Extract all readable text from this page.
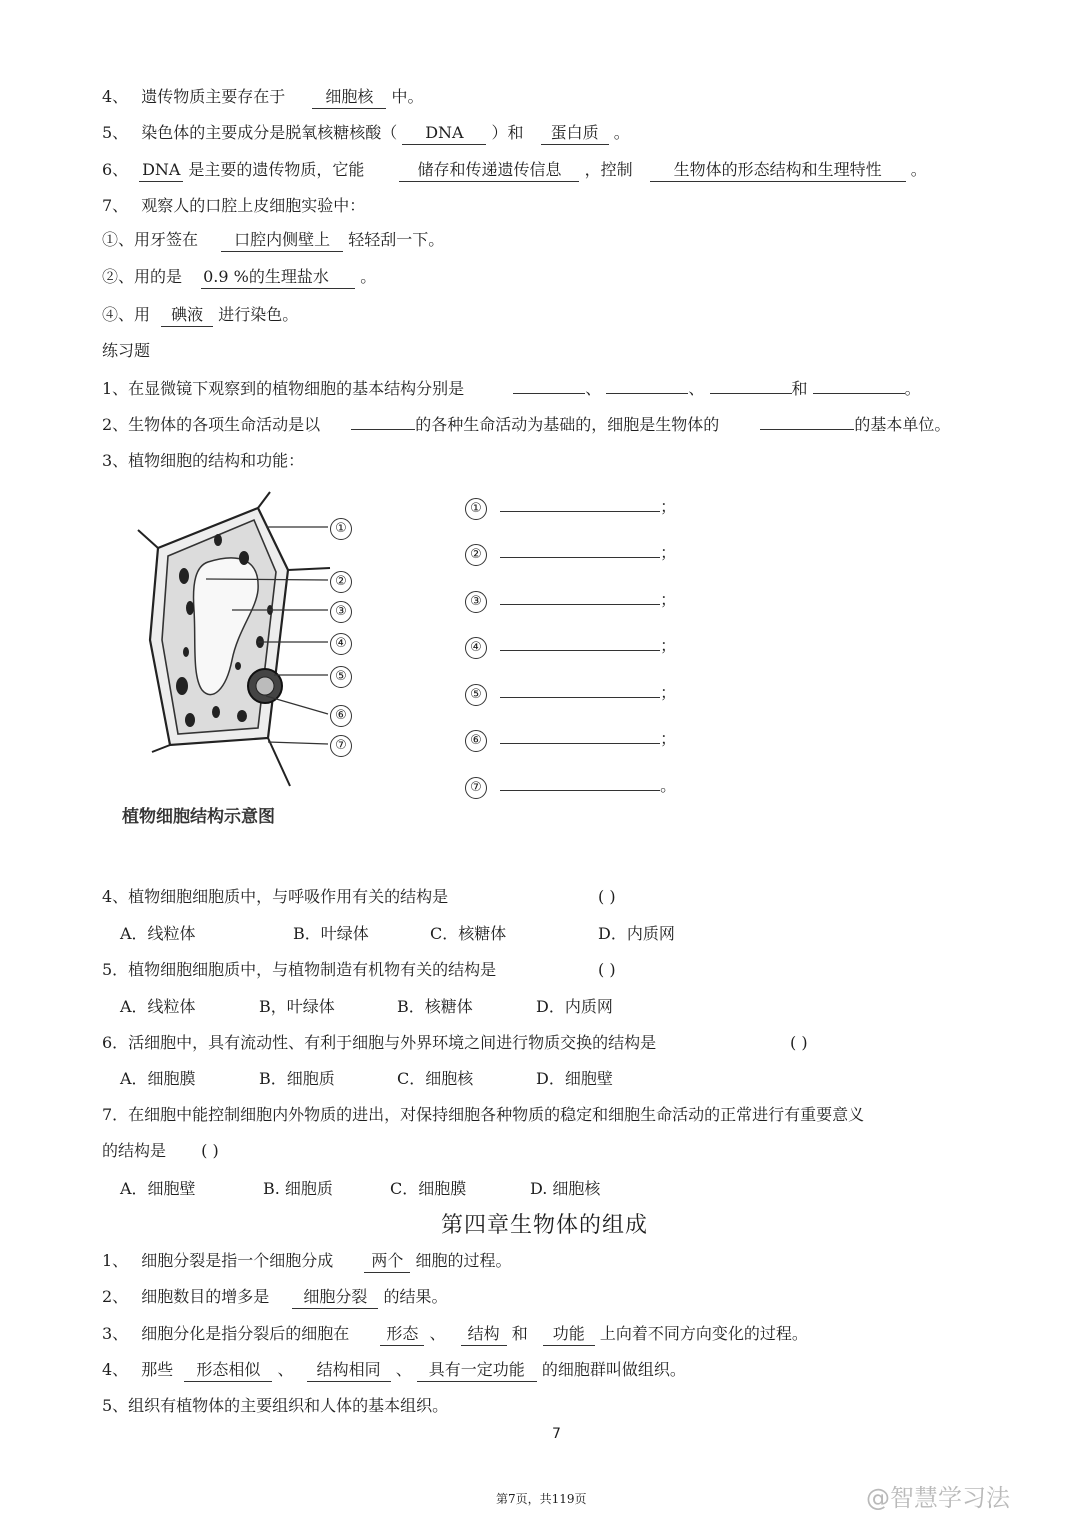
4、 遗传物质主要存在于	细胞核 中。
5、 染色体的主要成分是脱氧核糖核酸（ DNA ）和 蛋白质 。
6、 DNA 是主要的遗传物质，它能	储存和传递遗传信息 ，控制	生物体的形态结构和生理特性 。
7、 观察人的口腔上皮细胞实验中：
①、用牙签在 口腔内侧壁上 轻轻刮一下。
②、用的是 0.9 %的生理盐水 。
④、用 碘液 进行染色。
练习题
1、在显微镜下观察到的植物细胞的基本结构分别是	、	、	和	。
2、生物体的各项生命活动是以	的各种生命活动为基础的，细胞是生物体的	的基本单位。
3、植物细胞的结构和功能：
①
②
③
④
⑤
⑥
⑦
植物细胞结构示意图
①	；
②	；
③	；
④	；
⑤	；
⑥	；
⑦	。
4、植物细胞细胞质中，与呼吸作用有关的结构是	( )
A．线粒体	B．叶绿体	C．核糖体	D．内质网
5．植物细胞细胞质中，与植物制造有机物有关的结构是	( )
A．线粒体	B，叶绿体	B．核糖体	D．内质网
6．活细胞中，具有流动性、有利于细胞与外界环境之间进行物质交换的结构是	( )
A．细胞膜	B．细胞质	C．细胞核	D．细胞壁
7．在细胞中能控制细胞内外物质的进出，对保持细胞各种物质的稳定和细胞生命活动的正常进行有重要意义
的结构是 ( )
A．细胞壁	B. 细胞质	C．细胞膜	D. 细胞核
第四章生物体的组成
1、 细胞分裂是指一个细胞分成 两个 细胞的过程。
2、 细胞数目的增多是 细胞分裂 的结果。
3、 细胞分化是指分裂后的细胞在 形态 、 结构 和 功能 上向着不同方向变化的过程。
4、 那些 形态相似 、 结构相同 、 具有一定功能 的细胞群叫做组织。
5、组织有植物体的主要组织和人体的基本组织。
7
第7页，共119页	@智慧学习法
